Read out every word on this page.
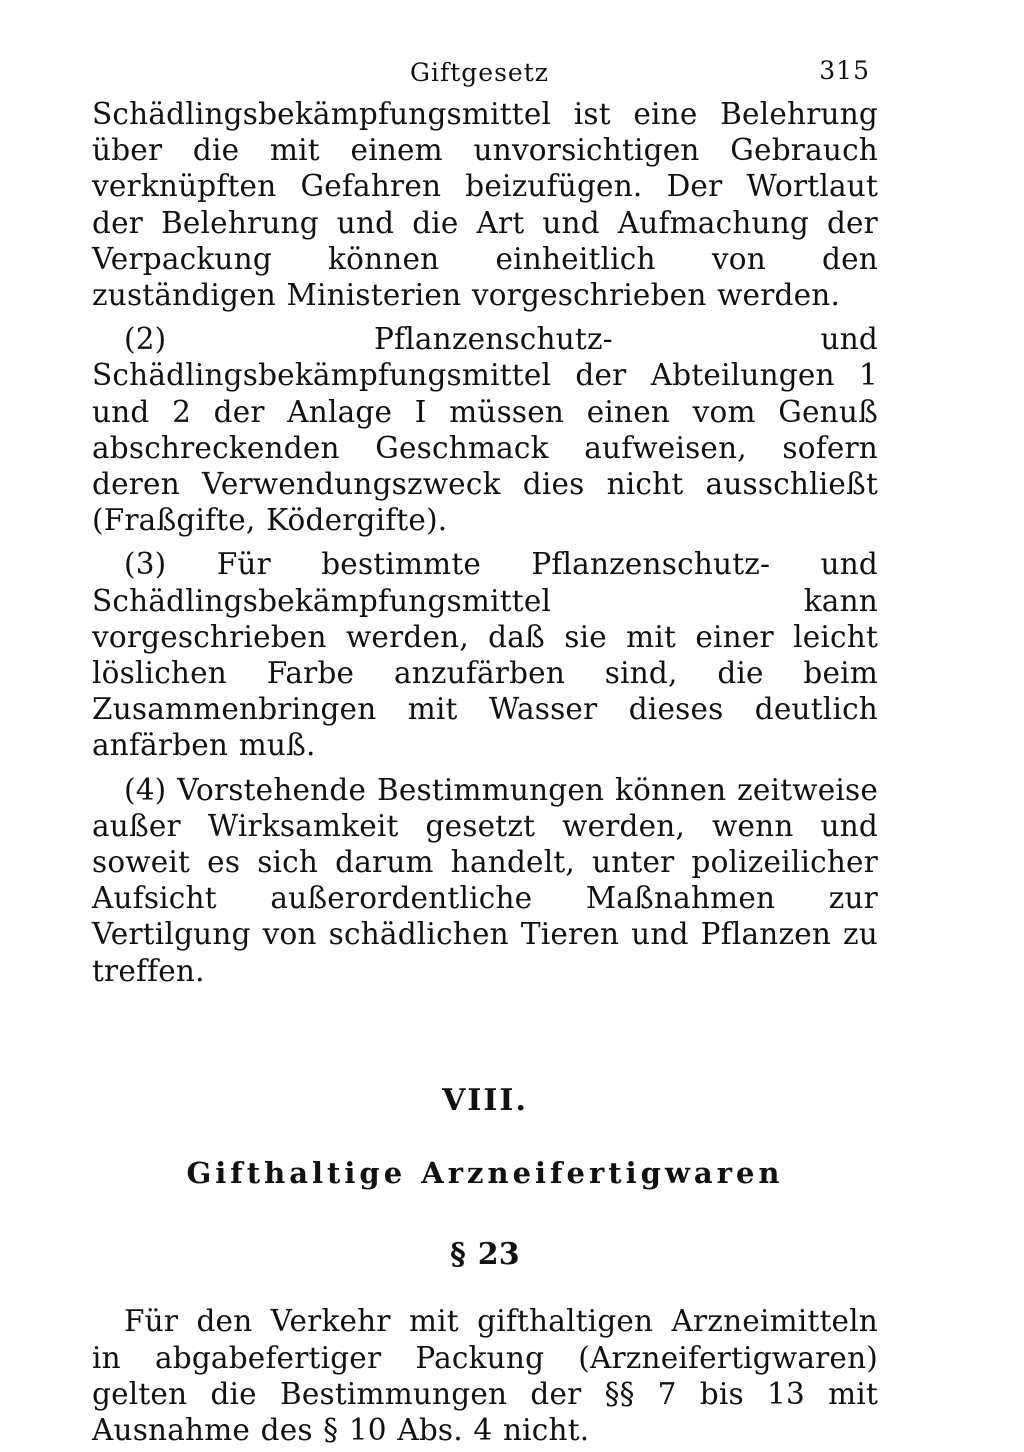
Giftgesetz	315

Schädlingsbekämpfungsmittel ist eine Belehrung über die mit einem unvorsichtigen Gebrauch verknüpften Gefahren beizufügen. Der Wortlaut der Belehrung und die Art und Aufmachung der Verpackung können einheitlich von den zuständigen Ministerien vorgeschrieben werden.

(2) Pflanzenschutz- und Schädlingsbekämpfungsmittel der Abteilungen 1 und 2 der Anlage I müssen einen vom Genuß abschreckenden Geschmack aufweisen, sofern deren Verwendungszweck dies nicht ausschließt (Fraßgifte, Ködergifte).

(3) Für bestimmte Pflanzenschutz- und Schädlingsbekämpfungsmittel kann vorgeschrieben werden, daß sie mit einer leicht löslichen Farbe anzufärben sind, die beim Zusammenbringen mit Wasser dieses deutlich anfärben muß.

(4) Vorstehende Bestimmungen können zeitweise außer Wirksamkeit gesetzt werden, wenn und soweit es sich darum handelt, unter polizeilicher Aufsicht außerordentliche Maßnahmen zur Vertilgung von schädlichen Tieren und Pflanzen zu treffen.

VIII.

Gifthaltige Arzneifertigwaren

§ 23

Für den Verkehr mit gifthaltigen Arzneimitteln in abgabefertiger Packung (Arzneifertigwaren) gelten die Bestimmungen der §§ 7 bis 13 mit Ausnahme des § 10 Abs. 4 nicht.
